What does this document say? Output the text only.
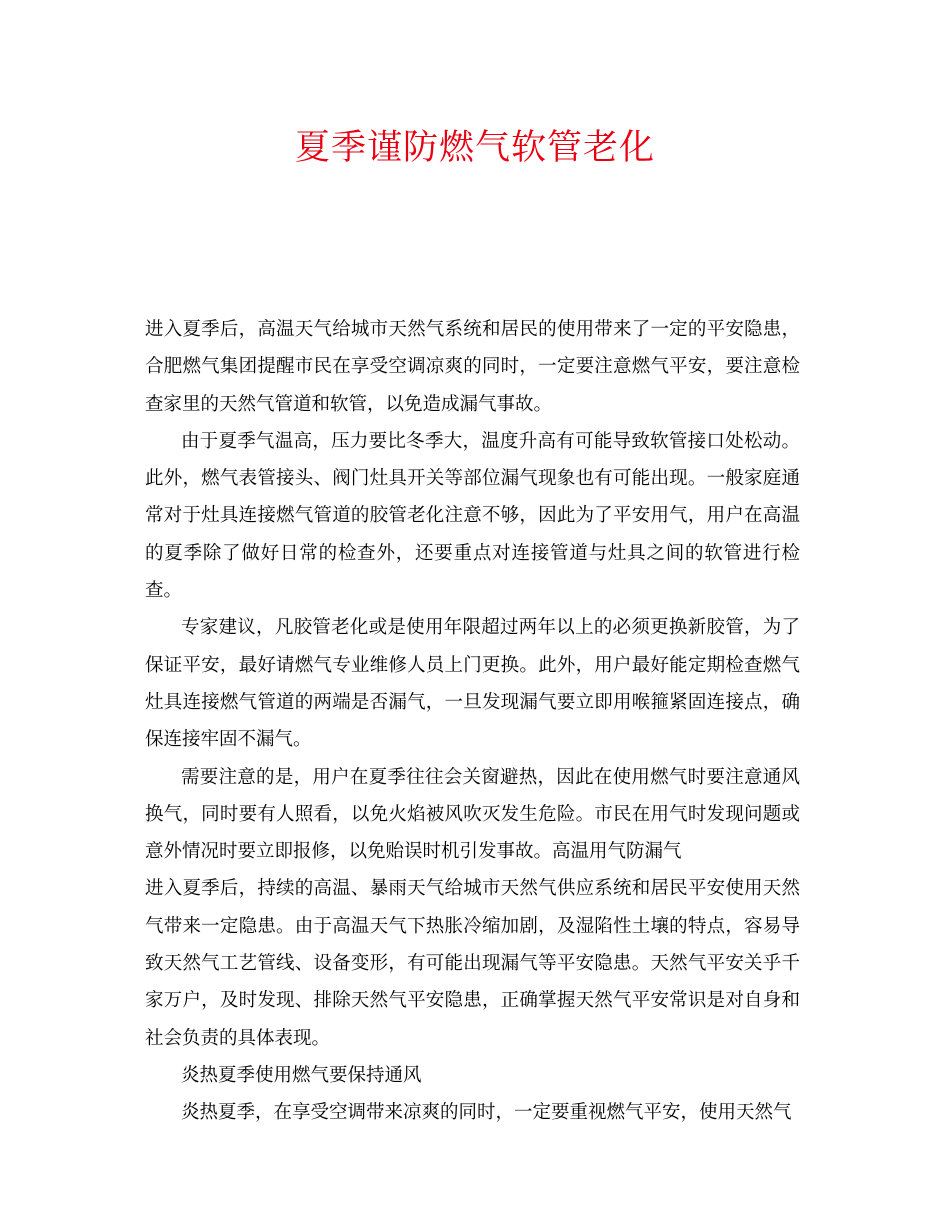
夏季谨防燃气软管老化

进入夏季后，高温天气给城市天然气系统和居民的使用带来了一定的平安隐患，合肥燃气集团提醒市民在享受空调凉爽的同时，一定要注意燃气平安，要注意检查家里的天然气管道和软管，以免造成漏气事故。

由于夏季气温高，压力要比冬季大，温度升高有可能导致软管接口处松动。此外，燃气表管接头、阀门灶具开关等部位漏气现象也有可能出现。一般家庭通常对于灶具连接燃气管道的胶管老化注意不够，因此为了平安用气，用户在高温的夏季除了做好日常的检查外，还要重点对连接管道与灶具之间的软管进行检查。

专家建议，凡胶管老化或是使用年限超过两年以上的必须更换新胶管，为了保证平安，最好请燃气专业维修人员上门更换。此外，用户最好能定期检查燃气灶具连接燃气管道的两端是否漏气，一旦发现漏气要立即用喉箍紧固连接点，确保连接牢固不漏气。

需要注意的是，用户在夏季往往会关窗避热，因此在使用燃气时要注意通风换气，同时要有人照看，以免火焰被风吹灭发生危险。市民在用气时发现问题或意外情况时要立即报修，以免贻误时机引发事故。高温用气防漏气

进入夏季后，持续的高温、暴雨天气给城市天然气供应系统和居民平安使用天然气带来一定隐患。由于高温天气下热胀冷缩加剧，及湿陷性土壤的特点，容易导致天然气工艺管线、设备变形，有可能出现漏气等平安隐患。天然气平安关乎千家万户，及时发现、排除天然气平安隐患，正确掌握天然气平安常识是对自身和社会负责的具体表现。

炎热夏季使用燃气要保持通风

炎热夏季，在享受空调带来凉爽的同时，一定要重视燃气平安，使用天然气
